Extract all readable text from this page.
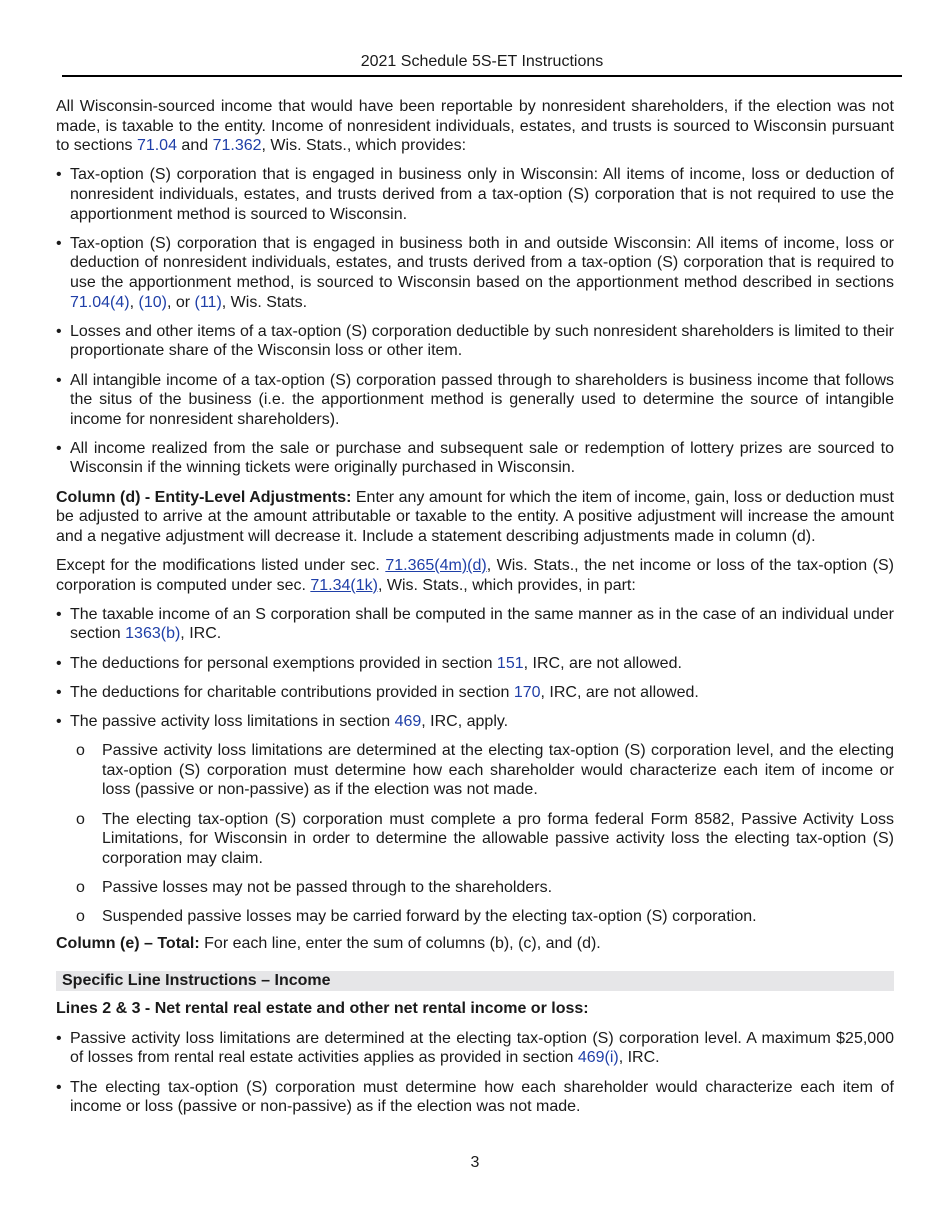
2021 Schedule 5S-ET Instructions

All Wisconsin-sourced income that would have been reportable by nonresident shareholders, if the election was not made, is taxable to the entity. Income of nonresident individuals, estates, and trusts is sourced to Wisconsin pursuant to sections 71.04 and 71.362, Wis. Stats., which provides:

• Tax-option (S) corporation that is engaged in business only in Wisconsin: All items of income, loss or deduction of nonresident individuals, estates, and trusts derived from a tax-option (S) corporation that is not required to use the apportionment method is sourced to Wisconsin.
• Tax-option (S) corporation that is engaged in business both in and outside Wisconsin: All items of income, loss or deduction of nonresident individuals, estates, and trusts derived from a tax-option (S) corporation that is required to use the apportionment method, is sourced to Wisconsin based on the apportionment method described in sections 71.04(4), (10), or (11), Wis. Stats.
• Losses and other items of a tax-option (S) corporation deductible by such nonresident shareholders is limited to their proportionate share of the Wisconsin loss or other item.
• All intangible income of a tax-option (S) corporation passed through to shareholders is business income that follows the situs of the business (i.e. the apportionment method is generally used to determine the source of intangible income for nonresident shareholders).
• All income realized from the sale or purchase and subsequent sale or redemption of lottery prizes are sourced to Wisconsin if the winning tickets were originally purchased in Wisconsin.

Column (d) - Entity-Level Adjustments: Enter any amount for which the item of income, gain, loss or deduction must be adjusted to arrive at the amount attributable or taxable to the entity. A positive adjustment will increase the amount and a negative adjustment will decrease it. Include a statement describing adjustments made in column (d).

Except for the modifications listed under sec. 71.365(4m)(d), Wis. Stats., the net income or loss of the tax-option (S) corporation is computed under sec. 71.34(1k), Wis. Stats., which provides, in part:

• The taxable income of an S corporation shall be computed in the same manner as in the case of an individual under section 1363(b), IRC.
• The deductions for personal exemptions provided in section 151, IRC, are not allowed.
• The deductions for charitable contributions provided in section 170, IRC, are not allowed.
• The passive activity loss limitations in section 469, IRC, apply.
o Passive activity loss limitations are determined at the electing tax-option (S) corporation level, and the electing tax-option (S) corporation must determine how each shareholder would characterize each item of income or loss (passive or non-passive) as if the election was not made.
o The electing tax-option (S) corporation must complete a pro forma federal Form 8582, Passive Activity Loss Limitations, for Wisconsin in order to determine the allowable passive activity loss the electing tax-option (S) corporation may claim.
o Passive losses may not be passed through to the shareholders.
o Suspended passive losses may be carried forward by the electing tax-option (S) corporation.

Column (e) – Total: For each line, enter the sum of columns (b), (c), and (d).

Specific Line Instructions – Income

Lines 2 & 3 - Net rental real estate and other net rental income or loss:

• Passive activity loss limitations are determined at the electing tax-option (S) corporation level. A maximum $25,000 of losses from rental real estate activities applies as provided in section 469(i), IRC.
• The electing tax-option (S) corporation must determine how each shareholder would characterize each item of income or loss (passive or non-passive) as if the election was not made.
3
